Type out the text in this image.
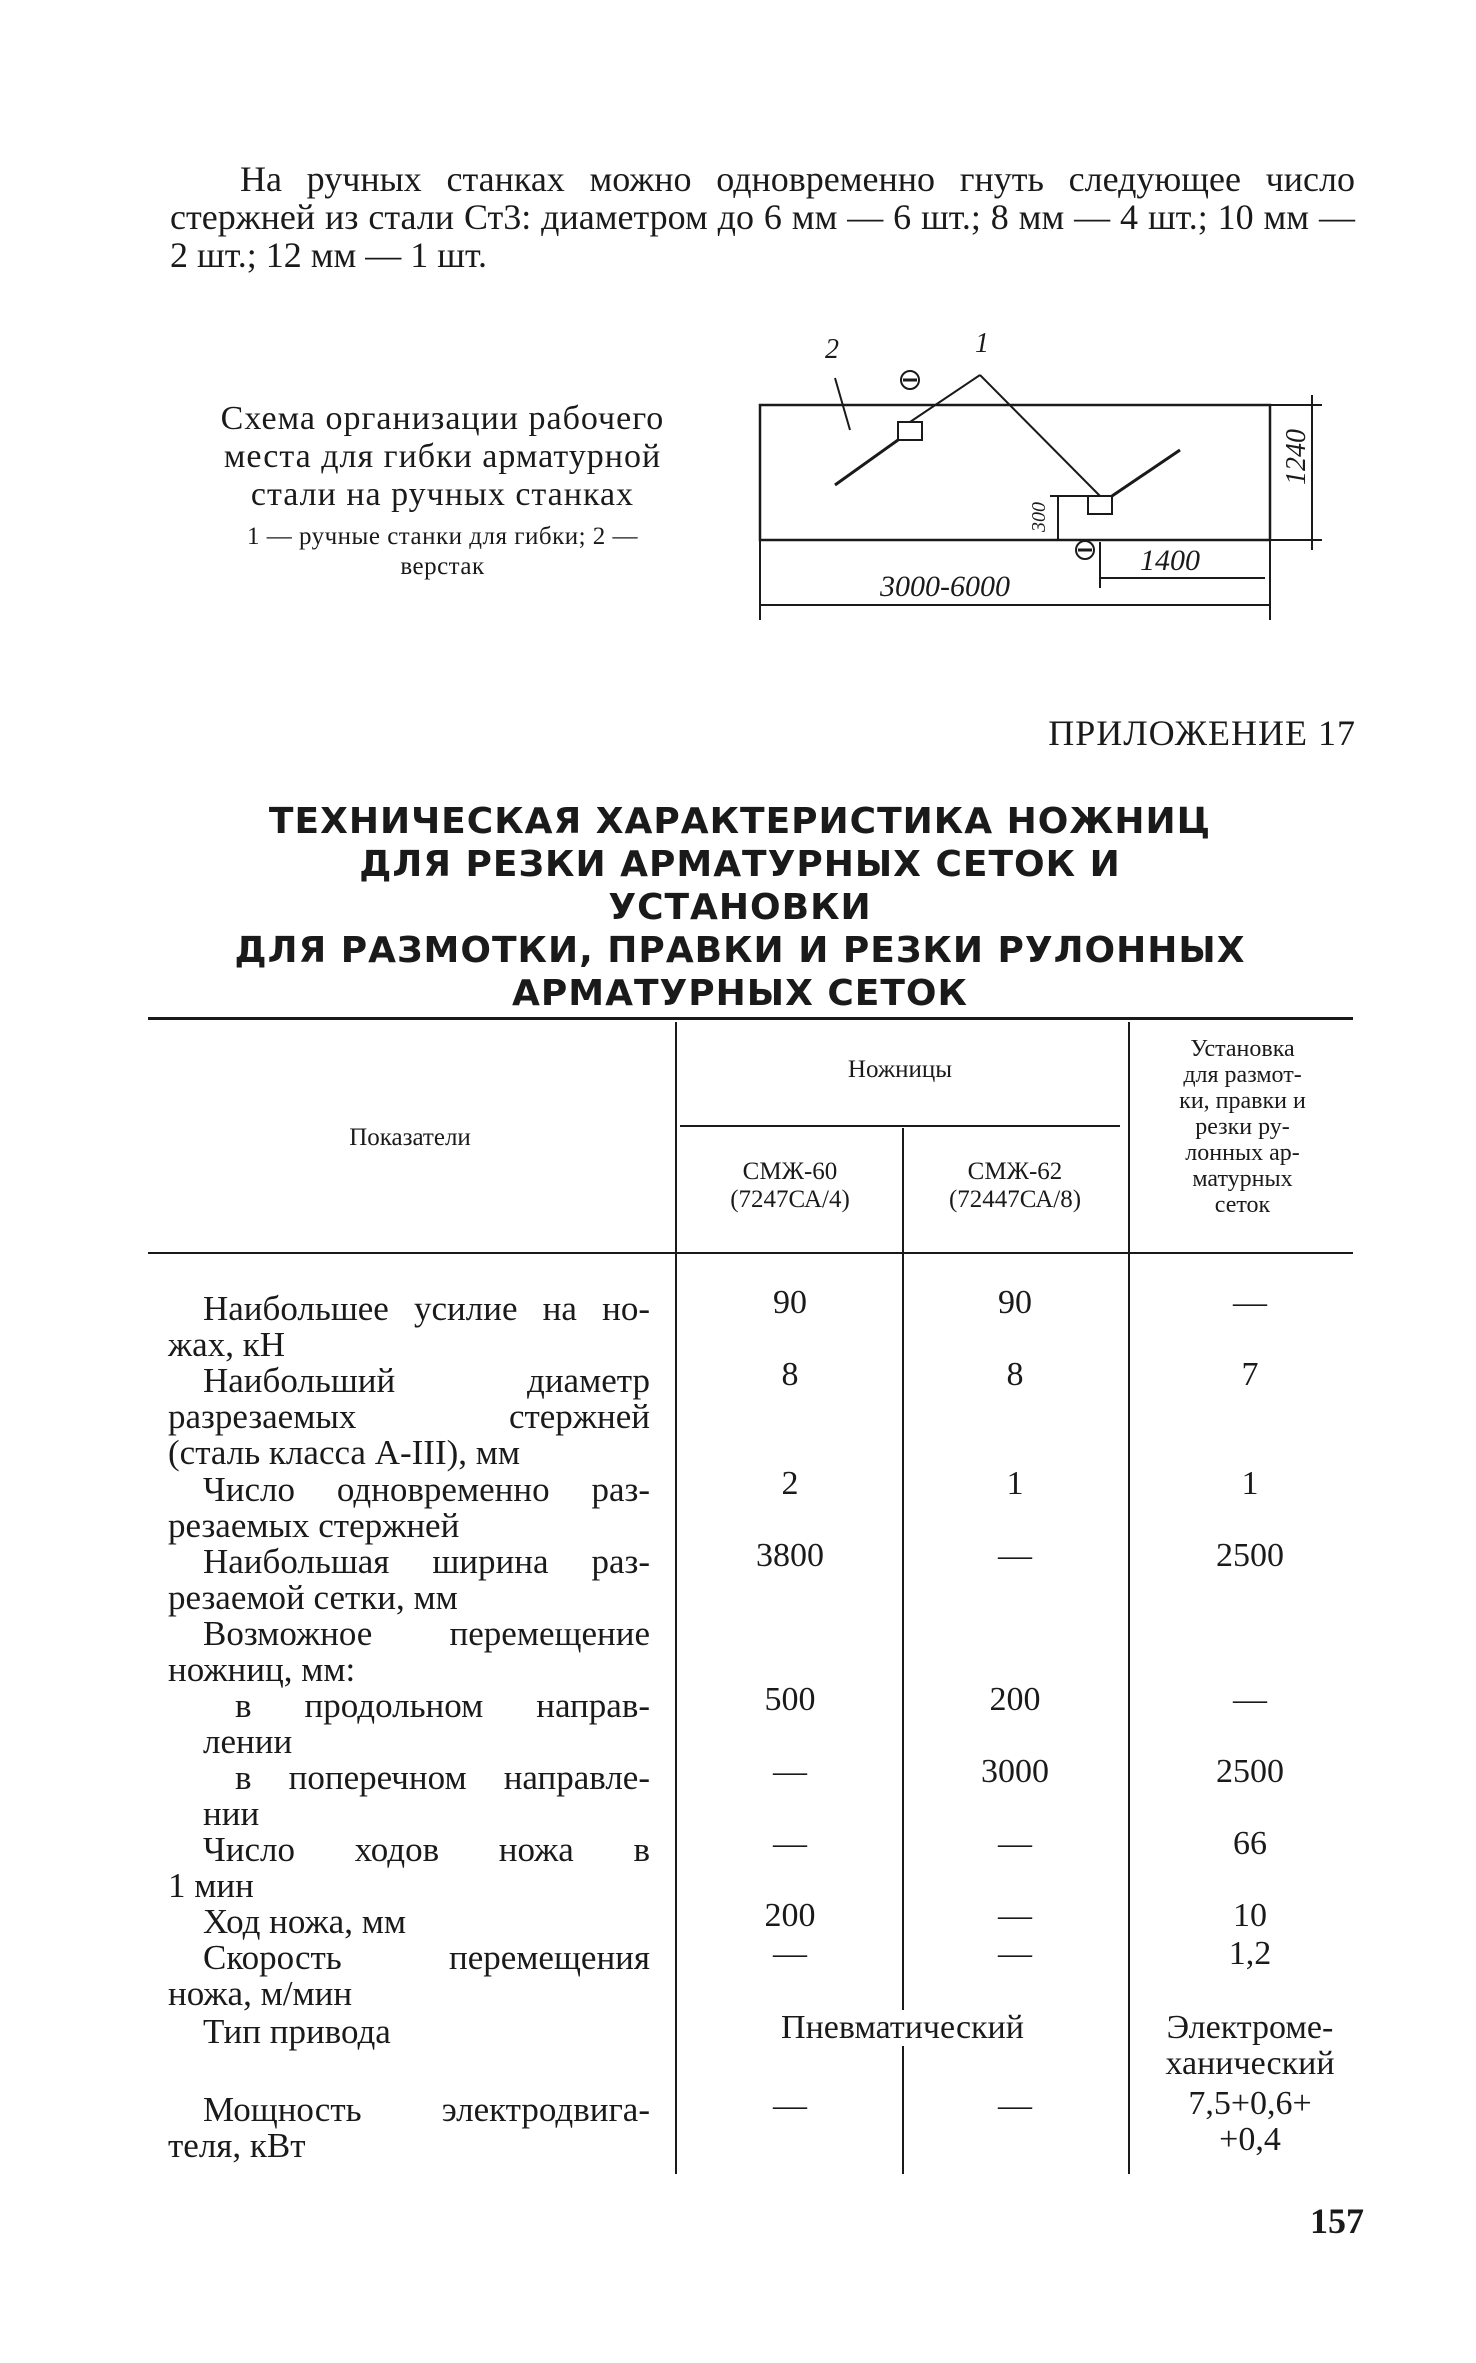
На ручных станках можно одновременно гнуть следующее число стержней из стали Ст3: диаметром до 6 мм — 6 шт.; 8 мм — 4 шт.; 10 мм — 2 шт.; 12 мм — 1 шт.
Схема организации рабочего
места для гибки арматурной
стали на ручных станках
1 — ручные станки для гибки; 2 —
верстак
1
2
1240
300
1400
3000-6000
ПРИЛОЖЕНИЕ 17
ТЕХНИЧЕСКАЯ ХАРАКТЕРИСТИКА НОЖНИЦ
ДЛЯ РЕЗКИ АРМАТУРНЫХ СЕТОК И УСТАНОВКИ
ДЛЯ РАЗМОТКИ, ПРАВКИ И РЕЗКИ РУЛОННЫХ
АРМАТУРНЫХ СЕТОК
Показатели
Ножницы
СМЖ-60
(7247СА/4)
СМЖ-62
(72447СА/8)
Установка
для размот-
ки, правки и
резки ру-
лонных ар-
матурных
сеток
Наибольшее усилие на но-
жах, кН
90	90	—
Наибольший диаметр
разрезаемых стержней
(сталь класса А-III), мм
8	8	7
Число одновременно раз-
резаемых стержней
2	1	1
Наибольшая ширина раз-
резаемой сетки, мм
3800	—	2500
Возможное перемещение
ножниц, мм:
в продольном направ-
лении
500	200	—
в поперечном направле-
нии
—	3000	2500
Число ходов ножа в
1 мин
—	—	66
Ход ножа, мм	200	—	10
Скорость перемещения
ножа, м/мин
—	—	1,2
Тип привода	Пневматический	Электроме-
ханический
Мощность электродвига-
теля, кВт
—	—	7,5+0,6+
+0,4
157
